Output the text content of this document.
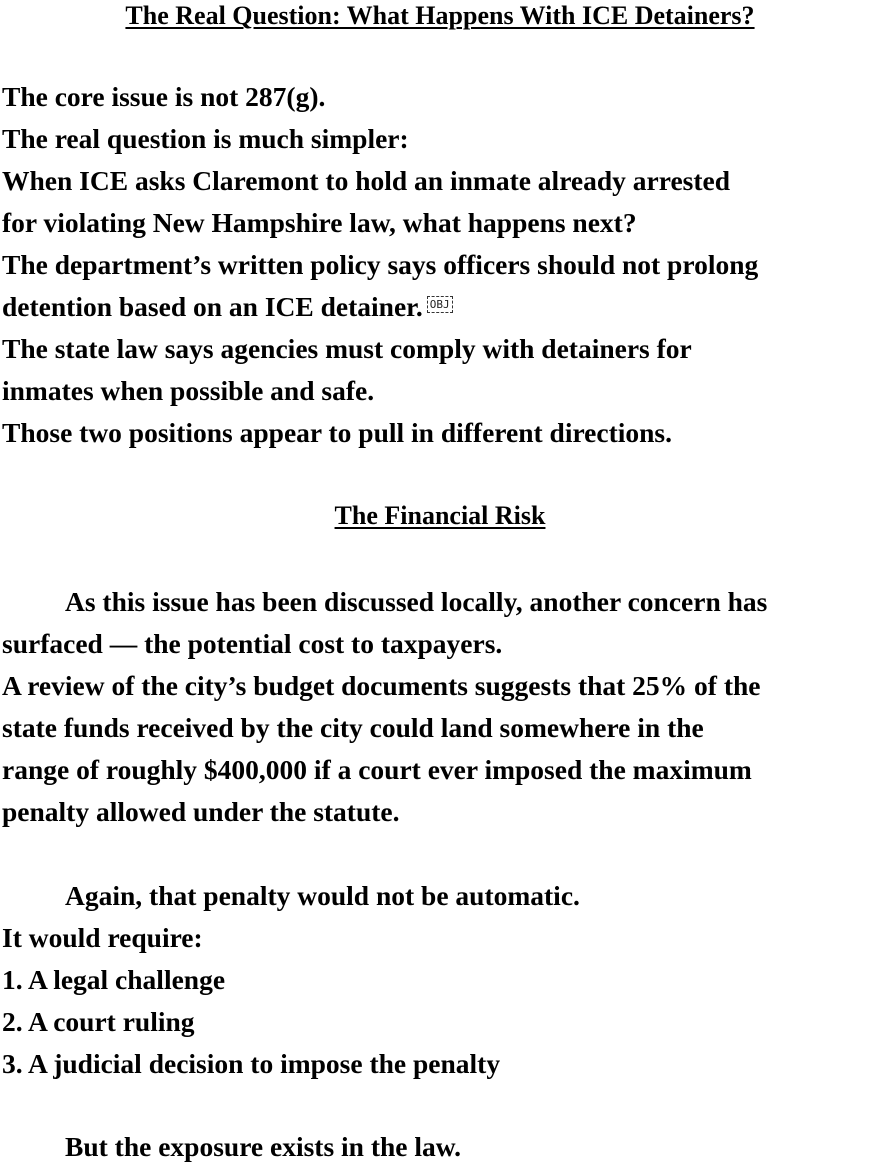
The Real Question: What Happens With ICE Detainers?
The core issue is not 287(g).
The real question is much simpler:
When ICE asks Claremont to hold an inmate already arrested
for violating New Hampshire law, what happens next?
The department’s written policy says officers should not prolong
detention based on an ICE detainer. OBJ
The state law says agencies must comply with detainers for
inmates when possible and safe.
Those two positions appear to pull in different directions.
The Financial Risk
As this issue has been discussed locally, another concern has
surfaced — the potential cost to taxpayers.
A review of the city’s budget documents suggests that 25% of the
state funds received by the city could land somewhere in the
range of roughly $400,000 if a court ever imposed the maximum
penalty allowed under the statute.
Again, that penalty would not be automatic.
It would require:
1. A legal challenge
2. A court ruling
3. A judicial decision to impose the penalty
But the exposure exists in the law.
